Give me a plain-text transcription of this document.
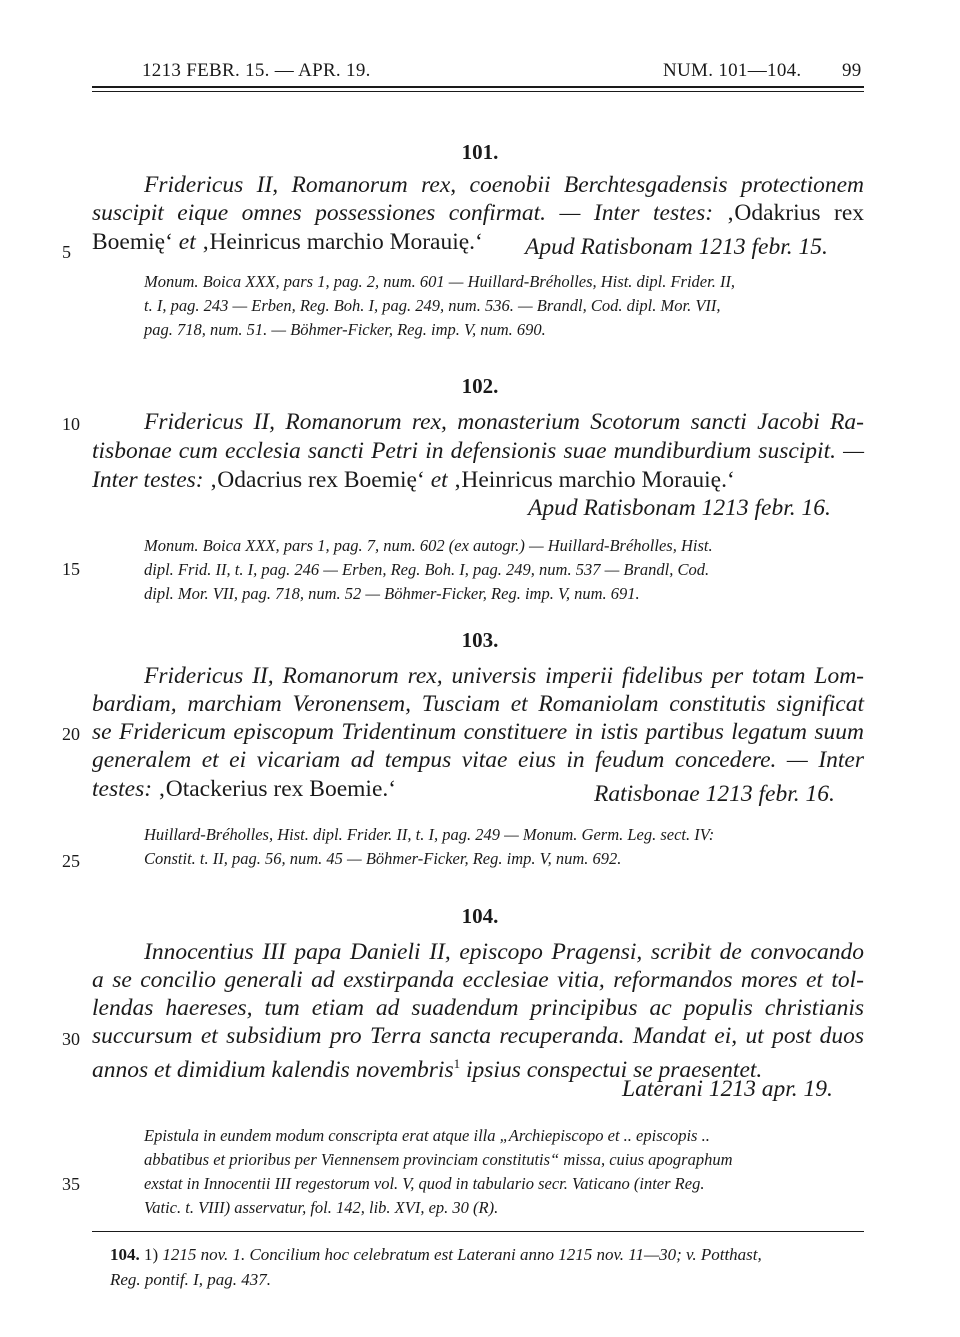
1213 FEBR. 15. — APR. 19.	NUM. 101—104. 99
101.
Fridericus II, Romanorum rex, coenobii Berchtesgadensis protectionem
suscipit eique omnes possessiones confirmat. — Inter testes: ‚Odakrius rex
Boemię‘ et ‚Heinricus marchio Morauię.‘	Apud Ratisbonam 1213 febr. 15.
Monum. Boica XXX, pars 1, pag. 2, num. 601 — Huillard-Bréholles, Hist. dipl. Frider. II,
t. I, pag. 243 — Erben, Reg. Boh. I, pag. 249, num. 536. — Brandl, Cod. dipl. Mor. VII,
pag. 718, num. 51. — Böhmer-Ficker, Reg. imp. V, num. 690.
102.
Fridericus II, Romanorum rex, monasterium Scotorum sancti Jacobi Ra-
tisbonae cum ecclesia sancti Petri in defensionis suae mundiburdium suscipit. —
Inter testes: ‚Odacrius rex Boemię‘ et ‚Heinricus marchio Morauię.‘
Apud Ratisbonam 1213 febr. 16.
Monum. Boica XXX, pars 1, pag. 7, num. 602 (ex autogr.) — Huillard-Bréholles, Hist.
dipl. Frid. II, t. I, pag. 246 — Erben, Reg. Boh. I, pag. 249, num. 537 — Brandl, Cod.
dipl. Mor. VII, pag. 718, num. 52 — Böhmer-Ficker, Reg. imp. V, num. 691.
103.
Fridericus II, Romanorum rex, universis imperii fidelibus per totam Lom-
bardiam, marchiam Veronensem, Tusciam et Romaniolam constitutis significat
se Fridericum episcopum Tridentinum constituere in istis partibus legatum suum
generalem et ei vicariam ad tempus vitae eius in feudum concedere. — Inter
testes: ‚Otackerius rex Boemie.‘	Ratisbonae 1213 febr. 16.
Huillard-Bréholles, Hist. dipl. Frider. II, t. I, pag. 249 — Monum. Germ. Leg. sect. IV:
Constit. t. II, pag. 56, num. 45 — Böhmer-Ficker, Reg. imp. V, num. 692.
104.
Innocentius III papa Danieli II, episcopo Pragensi, scribit de convocando
a se concilio generali ad exstirpanda ecclesiae vitia, reformandos mores et tol-
lendas haereses, tum etiam ad suadendum principibus ac populis christianis
succursum et subsidium pro Terra sancta recuperanda. Mandat ei, ut post duos
annos et dimidium kalendis novembris$^1$ ipsius conspectui se praesentet.
Laterani 1213 apr. 19.
Epistula in eundem modum conscripta erat atque illa „Archiepiscopo et .. episcopis ..
abbatibus et prioribus per Viennensem provinciam constitutis“ missa, cuius apographum
exstat in Innocentii III regestorum vol. V, quod in tabulario secr. Vaticano (inter Reg.
Vatic. t. VIII) asservatur, fol. 142, lib. XVI, ep. 30 (R).
5
10
15
20
25
30
35
104. 1) 1215 nov. 1. Concilium hoc celebratum est Laterani anno 1215 nov. 11—30; v. Potthast,
Reg. pontif. I, pag. 437.
